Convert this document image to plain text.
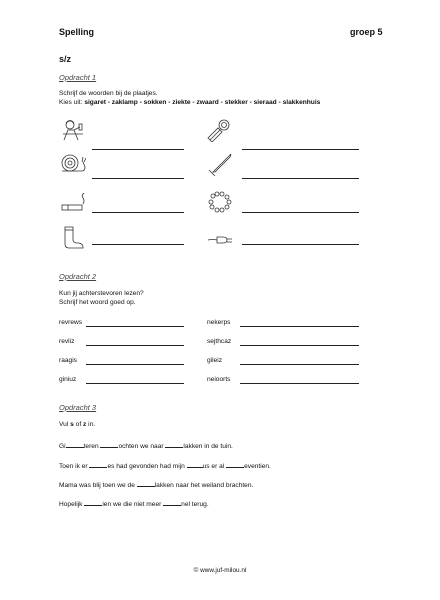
Spelling	groep 5
s/z
Opdracht 1
Schrijf de woorden bij de plaatjes.
Kies uit: sigaret - zaklamp - sokken - ziekte - zwaard - stekker - sieraad - slakkenhuis
Opdracht 2
Kun jij achterstevoren lezen?
Schrijf het woord goed op.
revrews
revliz
raagis
giniuz
nekerps
sejthcaz
gileiz
neioorts
Opdracht 3
Vul s of z in.
Gi	teren	ochten we naar	lakken in de tuin.
Toen ik er	es had gevonden had mijn	us er al	eventien.
Mama was blij toen we de	lakken naar het weiland brachten.
Hopelijk	ien we die niet meer	nel terug.
© www.juf-milou.nl
